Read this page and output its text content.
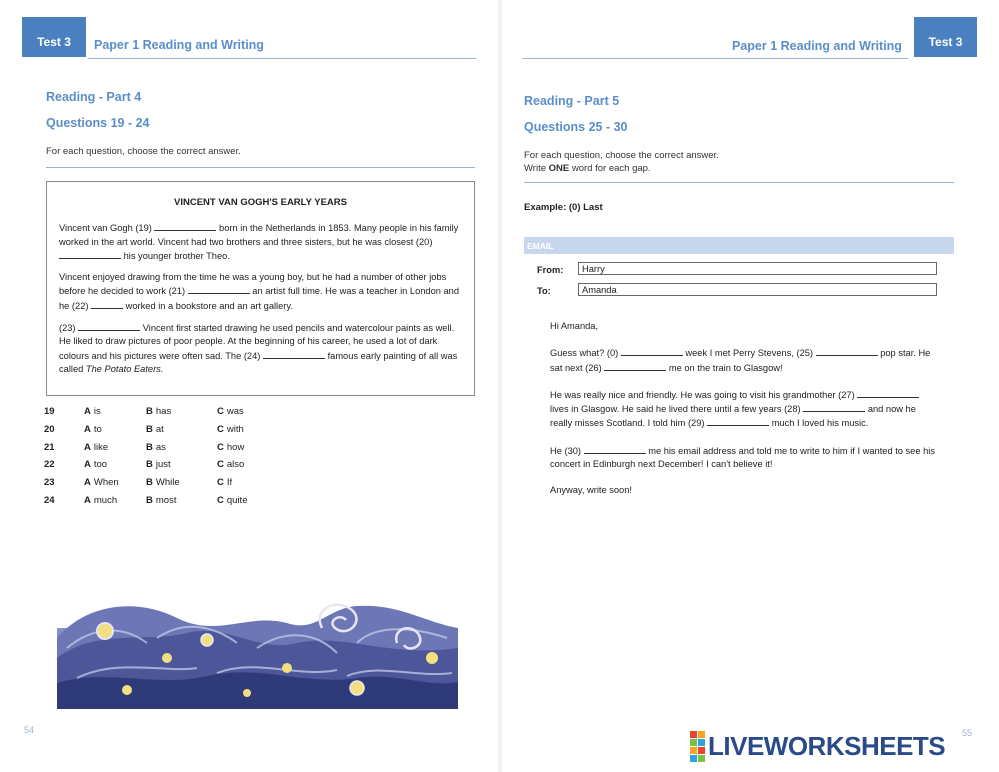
Test 3	Paper 1 Reading and Writing
Reading - Part 4
Questions 19 - 24
For each question, choose the correct answer.
VINCENT VAN GOGH'S EARLY YEARS

Vincent van Gogh (19)	born in the Netherlands in 1853. Many people in his family worked in the art world. Vincent had two brothers and three sisters, but he was closest (20)  his younger brother Theo.

Vincent enjoyed drawing from the time he was a young boy, but he had a number of other jobs before he decided to work (21)	an artist full time. He was a teacher in London and he (22)	worked in a bookstore and an art gallery.

(23)	Vincent first started drawing he used pencils and watercolour paints as well. He liked to draw pictures of poor people. At the beginning of his career, he used a lot of dark colours and his pictures were often sad. The (24)	famous early painting of all was called The Potato Eaters.

19	A is	B has	C was
20	A to	B at	C with
21	A like	B as	C how
22	A too	B just	C also
23	A When	B While	C If
24	A much	B most	C quite
54
Paper 1 Reading and Writing	Test 3
Reading - Part 5
Questions 25 - 30
For each question, choose the correct answer.
Write ONE word for each gap.
Example: (0) Last
EMAIL
From:	Harry
To:	Amanda

Hi Amanda,

Guess what? (0)	week I met Perry Stevens, (25)	pop star. He sat next (26)	me on the train to Glasgow!

He was really nice and friendly. He was going to visit his grandmother (27)  lives in Glasgow. He said he lived there until a few years (28)	and now he really misses Scotland. I told him (29)	much I loved his music.

He (30)	me his email address and told me to write to him if I wanted to see his concert in Edinburgh next December! I can't believe it!

Anyway, write soon!

55
LIVEWORKSHEETS
